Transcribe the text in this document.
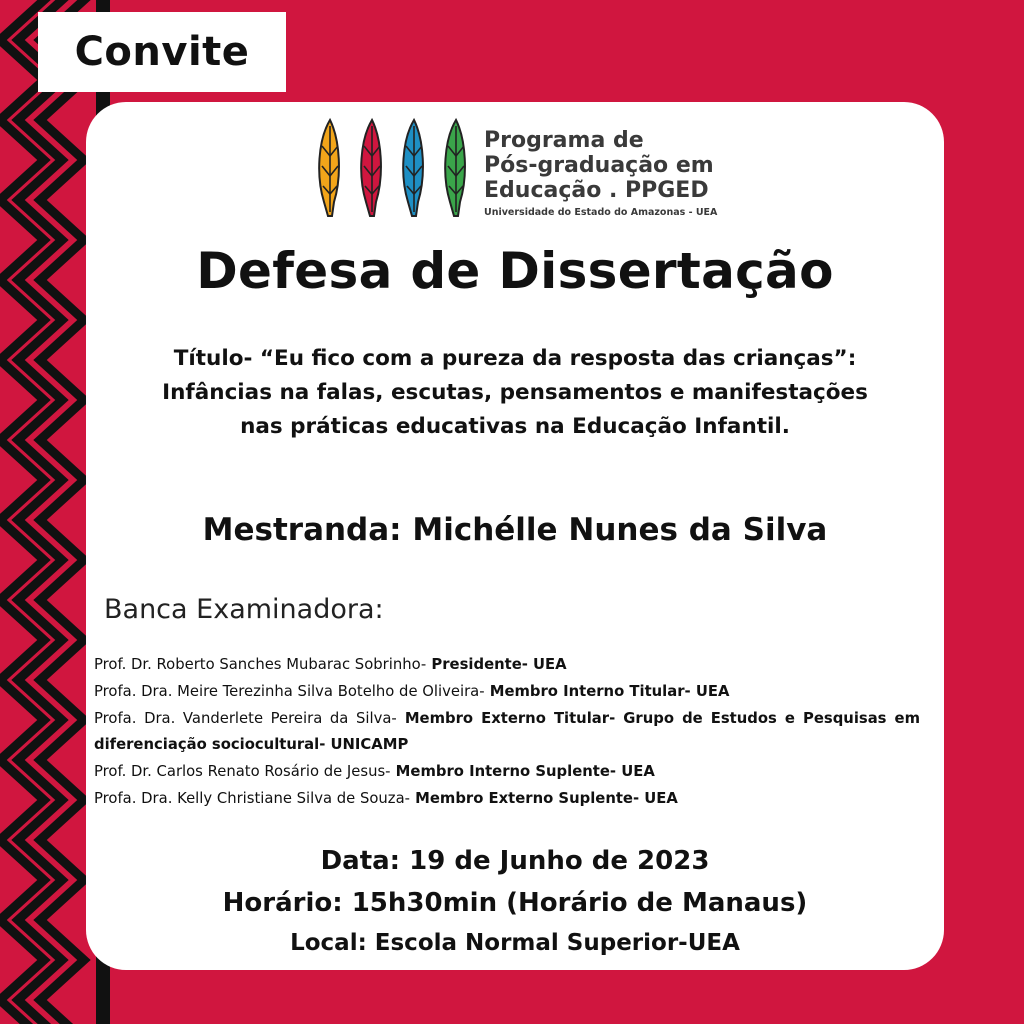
Convite
Programa de
Pós-graduação em
Educação . PPGED
Universidade do Estado do Amazonas - UEA
Defesa de Dissertação
Título- “Eu fico com a pureza da resposta das crianças”:
Infâncias na falas, escutas, pensamentos e manifestações
nas práticas educativas na Educação Infantil.
Mestranda: Michélle Nunes da Silva
Banca Examinadora:
Prof. Dr. Roberto Sanches Mubarac Sobrinho- Presidente- UEA
Profa. Dra. Meire Terezinha Silva Botelho de Oliveira- Membro Interno Titular- UEA
Profa. Dra. Vanderlete Pereira da Silva- Membro Externo Titular- Grupo de Estudos e Pesquisas em diferenciação sociocultural- UNICAMP
Prof. Dr. Carlos Renato Rosário de Jesus- Membro Interno Suplente- UEA
Profa. Dra. Kelly Christiane Silva de Souza- Membro Externo Suplente- UEA
Data: 19 de Junho de 2023
Horário: 15h30min (Horário de Manaus)
Local: Escola Normal Superior-UEA
